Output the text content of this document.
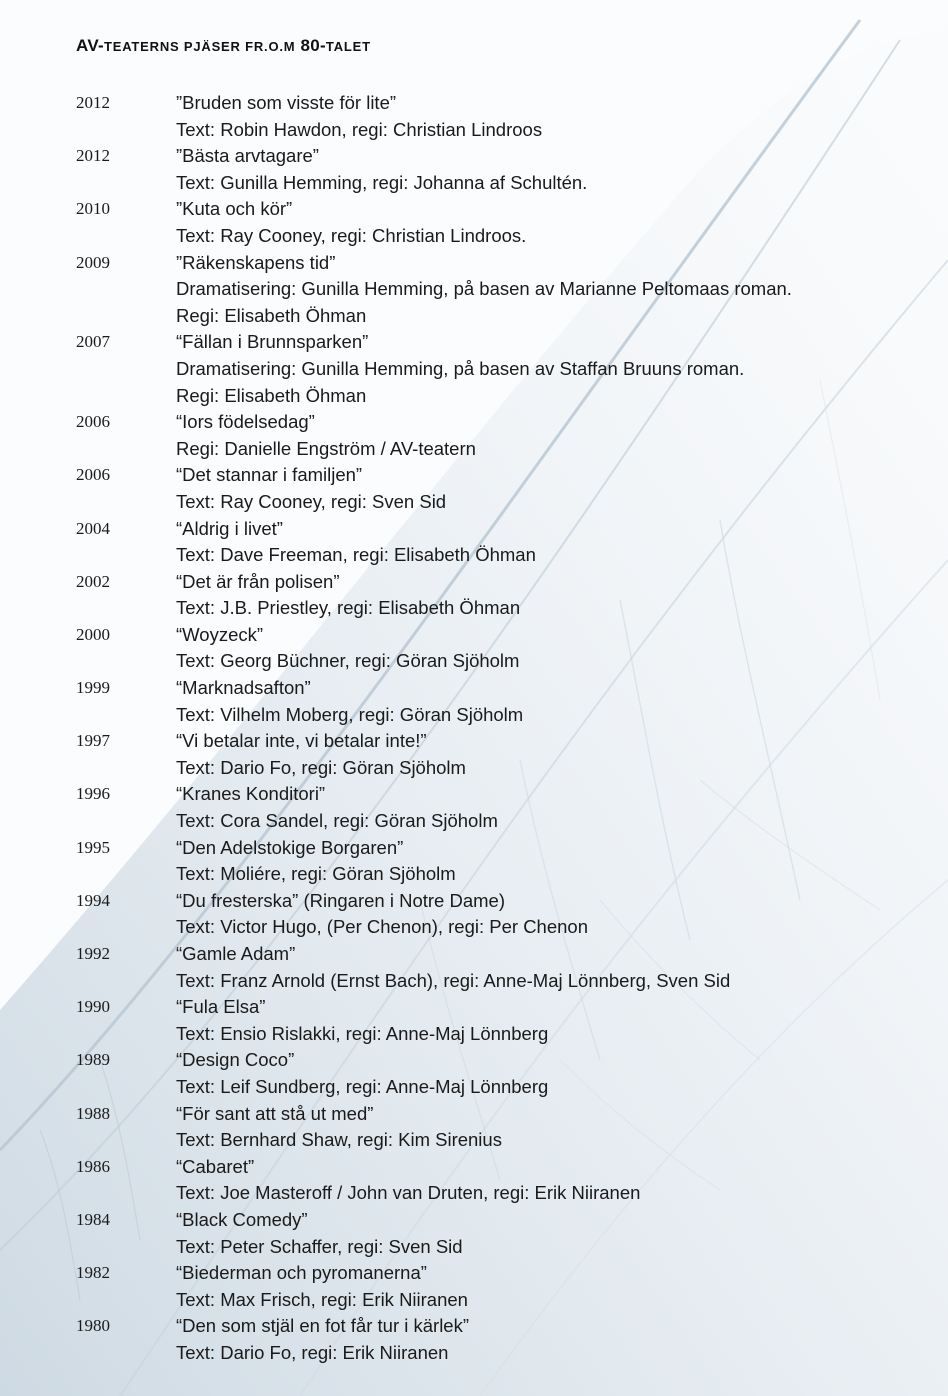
AV-TEATERNS PJÄSER FR.O.M 80-TALET
2012	”Bruden som visste för lite”
Text: Robin Hawdon, regi: Christian Lindroos
2012	”Bästa arvtagare”
Text: Gunilla Hemming, regi: Johanna af Schultén.
2010	”Kuta och kör”
Text: Ray Cooney, regi: Christian Lindroos.
2009	”Räkenskapens tid”
Dramatisering: Gunilla Hemming, på basen av Marianne Peltomaas roman.
Regi: Elisabeth Öhman
2007	“Fällan i Brunnsparken”
Dramatisering: Gunilla Hemming, på basen av Staffan Bruuns roman.
Regi: Elisabeth Öhman
2006	“Iors födelsedag”
Regi: Danielle Engström / AV-teatern
2006	“Det stannar i familjen”
Text: Ray Cooney, regi: Sven Sid
2004	“Aldrig i livet”
Text: Dave Freeman, regi: Elisabeth Öhman
2002	“Det är från polisen”
Text: J.B. Priestley, regi: Elisabeth Öhman
2000	“Woyzeck”
Text: Georg Büchner, regi: Göran Sjöholm
1999	“Marknadsafton”
Text: Vilhelm Moberg, regi: Göran Sjöholm
1997	“Vi betalar inte, vi betalar inte!”
Text: Dario Fo, regi: Göran Sjöholm
1996	“Kranes Konditori”
Text: Cora Sandel, regi: Göran Sjöholm
1995	“Den Adelstokige Borgaren”
Text: Moliére, regi: Göran Sjöholm
1994	“Du fresterska” (Ringaren i Notre Dame)
Text: Victor Hugo, (Per Chenon), regi: Per Chenon
1992	“Gamle Adam”
Text: Franz Arnold (Ernst Bach), regi: Anne-Maj Lönnberg, Sven Sid
1990	“Fula Elsa”
Text: Ensio Rislakki, regi: Anne-Maj Lönnberg
1989	“Design Coco”
Text: Leif Sundberg, regi: Anne-Maj Lönnberg
1988	“För sant att stå ut med”
Text: Bernhard Shaw, regi: Kim Sirenius
1986	“Cabaret”
Text: Joe Masteroff / John van Druten, regi: Erik Niiranen
1984	“Black Comedy”
Text: Peter Schaffer, regi: Sven Sid
1982	“Biederman och pyromanerna”
Text: Max Frisch, regi: Erik Niiranen
1980	“Den som stjäl en fot får tur i kärlek”
Text: Dario Fo, regi: Erik Niiranen
